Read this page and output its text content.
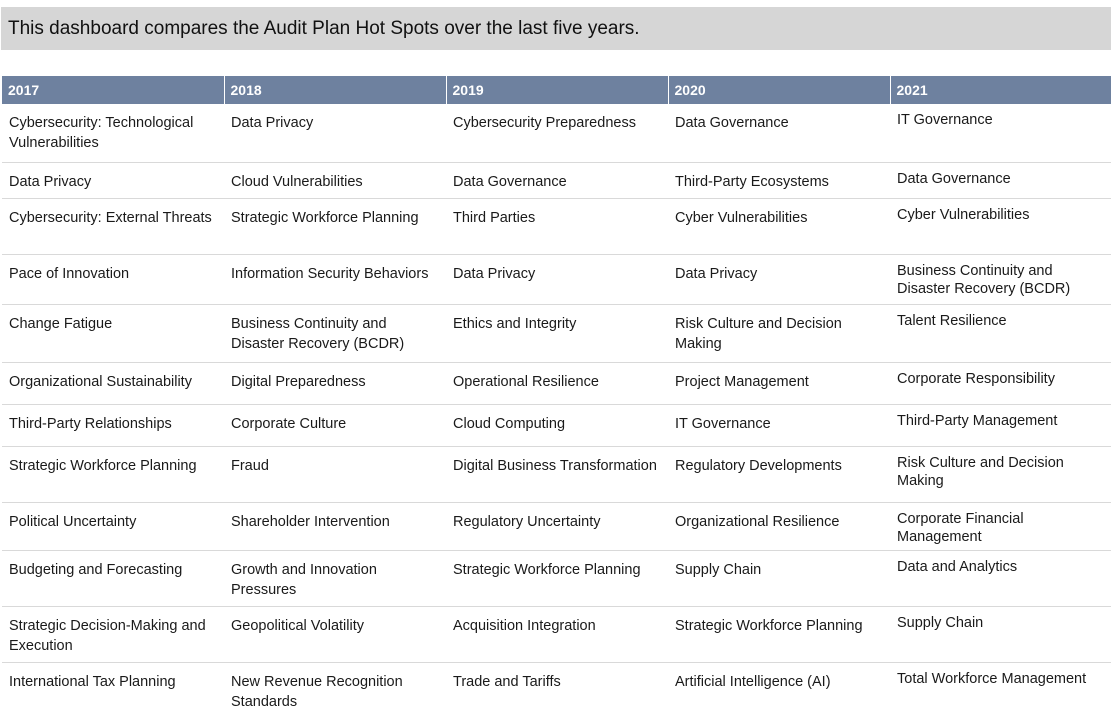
This dashboard compares the Audit Plan Hot Spots over the last five years.
2017	2018	2019	2020	2021
Cybersecurity: Technological Vulnerabilities	Data Privacy	Cybersecurity Preparedness	Data Governance	IT Governance
Data Privacy	Cloud Vulnerabilities	Data Governance	Third-Party Ecosystems	Data Governance
Cybersecurity: External Threats	Strategic Workforce Planning	Third Parties	Cyber Vulnerabilities	Cyber Vulnerabilities
Pace of Innovation	Information Security Behaviors	Data Privacy	Data Privacy	Business Continuity and Disaster Recovery (BCDR)
Change Fatigue	Business Continuity and Disaster Recovery (BCDR)	Ethics and Integrity	Risk Culture and Decision Making	Talent Resilience
Organizational Sustainability	Digital Preparedness	Operational Resilience	Project Management	Corporate Responsibility
Third-Party Relationships	Corporate Culture	Cloud Computing	IT Governance	Third-Party Management
Strategic Workforce Planning	Fraud	Digital Business Transformation	Regulatory Developments	Risk Culture and Decision Making
Political Uncertainty	Shareholder Intervention	Regulatory Uncertainty	Organizational Resilience	Corporate Financial Management
Budgeting and Forecasting	Growth and Innovation Pressures	Strategic Workforce Planning	Supply Chain	Data and Analytics
Strategic Decision-Making and Execution	Geopolitical Volatility	Acquisition Integration	Strategic Workforce Planning	Supply Chain
International Tax Planning	New Revenue Recognition Standards	Trade and Tariffs	Artificial Intelligence (AI)	Total Workforce Management
